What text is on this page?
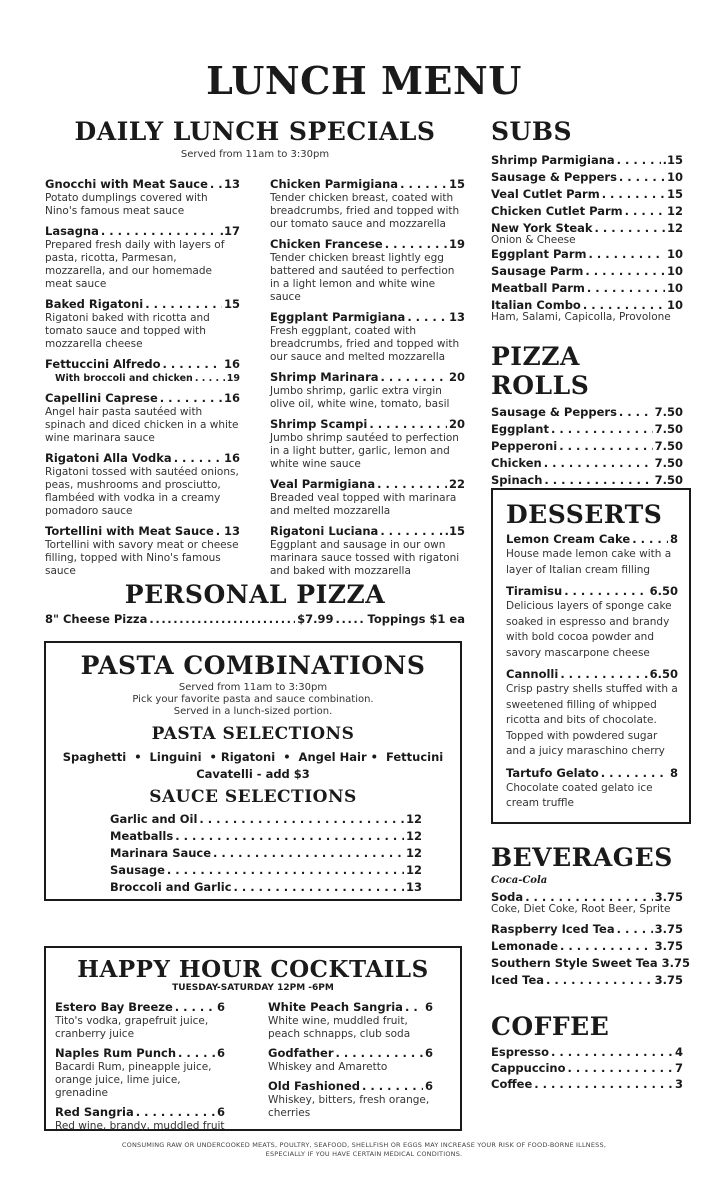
LUNCH MENU
DAILY LUNCH SPECIALS
Served from 11am to 3:30pm
Gnocchi with Meat Sauce . . . 13
Potato dumplings covered with Nino's famous meat sauce
Lasagna . . .	.17
Prepared fresh daily with layers of pasta, ricotta, Parmesan, mozzarella, and our homemade meat sauce
Baked Rigatoni . . .	15
Rigatoni baked with ricotta and tomato sauce and topped with mozzarella cheese
Fettuccini Alfredo . . .	16
With broccoli and chicken . . .	19
Capellini Caprese . . .	16
Angel hair pasta sautéed with spinach and diced chicken in a white wine marinara sauce
Rigatoni Alla Vodka . . .	16
Rigatoni tossed with sautéed onions, peas, mushrooms and prosciutto, flambéed with vodka in a creamy pomadoro sauce
Tortellini with Meat Sauce . . . 13
Tortellini with savory meat or cheese filling, topped with Nino's famous sauce
Chicken Parmigiana . . .	15
Tender chicken breast, coated with breadcrumbs, fried and topped with our tomato sauce and mozzarella
Chicken Francese . . .	19
Tender chicken breast lightly egg battered and sautéed to perfection in a light lemon and white wine sauce
Eggplant Parmigiana . . .	13
Fresh eggplant, coated with breadcrumbs, fried and topped with our sauce and melted mozzarella
Shrimp Marinara . . .	20
Jumbo shrimp, garlic extra virgin olive oil, white wine, tomato, basil
Shrimp Scampi . . .	20
Jumbo shrimp sautéed to perfection in a light butter, garlic, lemon and white wine sauce
Veal Parmigiana . . .	22
Breaded veal topped with marinara and melted mozzarella
Rigatoni Luciana . . .	.15
Eggplant and sausage in our own marinara sauce tossed with rigatoni and baked with mozzarella
PERSONAL PIZZA
8" Cheese Pizza .....	$7.99 .....	Toppings $1 ea
PASTA COMBINATIONS
Served from 11am to 3:30pm
Pick your favorite pasta and sauce combination.
Served in a lunch-sized portion.
PASTA SELECTIONS
Spaghetti  •  Linguini  • Rigatoni  •  Angel Hair •  Fettucini
Cavatelli - add $3
SAUCE SELECTIONS
Garlic and Oil . . .	12
Meatballs . . .	12
Marinara Sauce . . .	12
Sausage . . .	12
Broccoli and Garlic . . .	13
HAPPY HOUR COCKTAILS
TUESDAY-SATURDAY 12PM -6PM
Estero Bay Breeze . . .	6
Tito's vodka, grapefruit juice, cranberry juice
Naples Rum Punch . . .	6
Bacardi Rum, pineapple juice, orange juice, lime juice, grenadine
Red Sangria . . .	6
Red wine, brandy, muddled fruit
White Peach Sangria . . . 6
White wine, muddled fruit, peach schnapps, club soda
Godfather . . .	6
Whiskey and Amaretto
Old Fashioned . . .	6
Whiskey, bitters, fresh orange, cherries
SUBS
Shrimp Parmigiana . . .	.15
Sausage & Peppers . . .	10
Veal Cutlet Parm . . .	15
Chicken Cutlet Parm . . .	12
New York Steak . . .	12
Onion & Cheese
Eggplant Parm . . .	10
Sausage Parm . . .	10
Meatball Parm . . .	10
Italian Combo . . .	10
Ham, Salami, Capicolla, Provolone
PIZZA ROLLS
Sausage & Peppers . . .	7.50
Eggplant . . .	7.50
Pepperoni . . .	7.50
Chicken . . .	7.50
Spinach . . .	7.50
DESSERTS
Lemon Cream Cake . . .	8
House made lemon cake with a layer of Italian cream filling
Tiramisu . . .	6.50
Delicious layers of sponge cake soaked in espresso and brandy with bold cocoa powder and savory mascarpone cheese
Cannolli . . .	6.50
Crisp pastry shells stuffed with a sweetened filling of whipped ricotta and bits of chocolate. Topped with powdered sugar and a juicy maraschino cherry
Tartufo Gelato . . .	8
Chocolate coated gelato ice cream truffle
BEVERAGES
Coca-Cola
Soda . . .	3.75
Coke, Diet Coke, Root Beer, Sprite
Raspberry Iced Tea . . .	3.75
Lemonade . . .	3.75
Southern Style Sweet Tea 3.75
Iced Tea . . .	3.75
COFFEE
Espresso . . .	4
Cappuccino . . .	7
Coffee . . .	3
CONSUMING RAW OR UNDERCOOKED MEATS, POULTRY, SEAFOOD, SHELLFISH OR EGGS MAY INCREASE YOUR RISK OF FOOD-BORNE ILLNESS,
ESPECIALLY IF YOU HAVE CERTAIN MEDICAL CONDITIONS.
